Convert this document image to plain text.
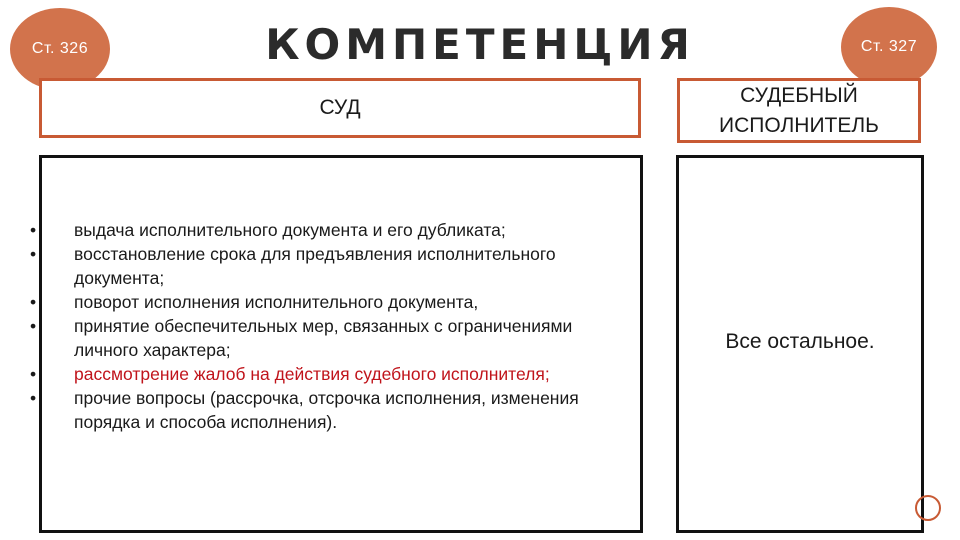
Ст. 326	КОМПЕТЕНЦИЯ	Ст. 327
СУД
СУДЕБНЫЙ ИСПОЛНИТЕЛЬ
• выдача исполнительного документа и его дубликата;
• восстановление срока для предъявления исполнительного документа;
• поворот исполнения исполнительного документа,
• принятие обеспечительных мер, связанных с ограничениями личного характера;
• рассмотрение жалоб на действия судебного исполнителя;
• прочие вопросы (рассрочка, отсрочка исполнения, изменения порядка и способа исполнения).
Все остальное.
